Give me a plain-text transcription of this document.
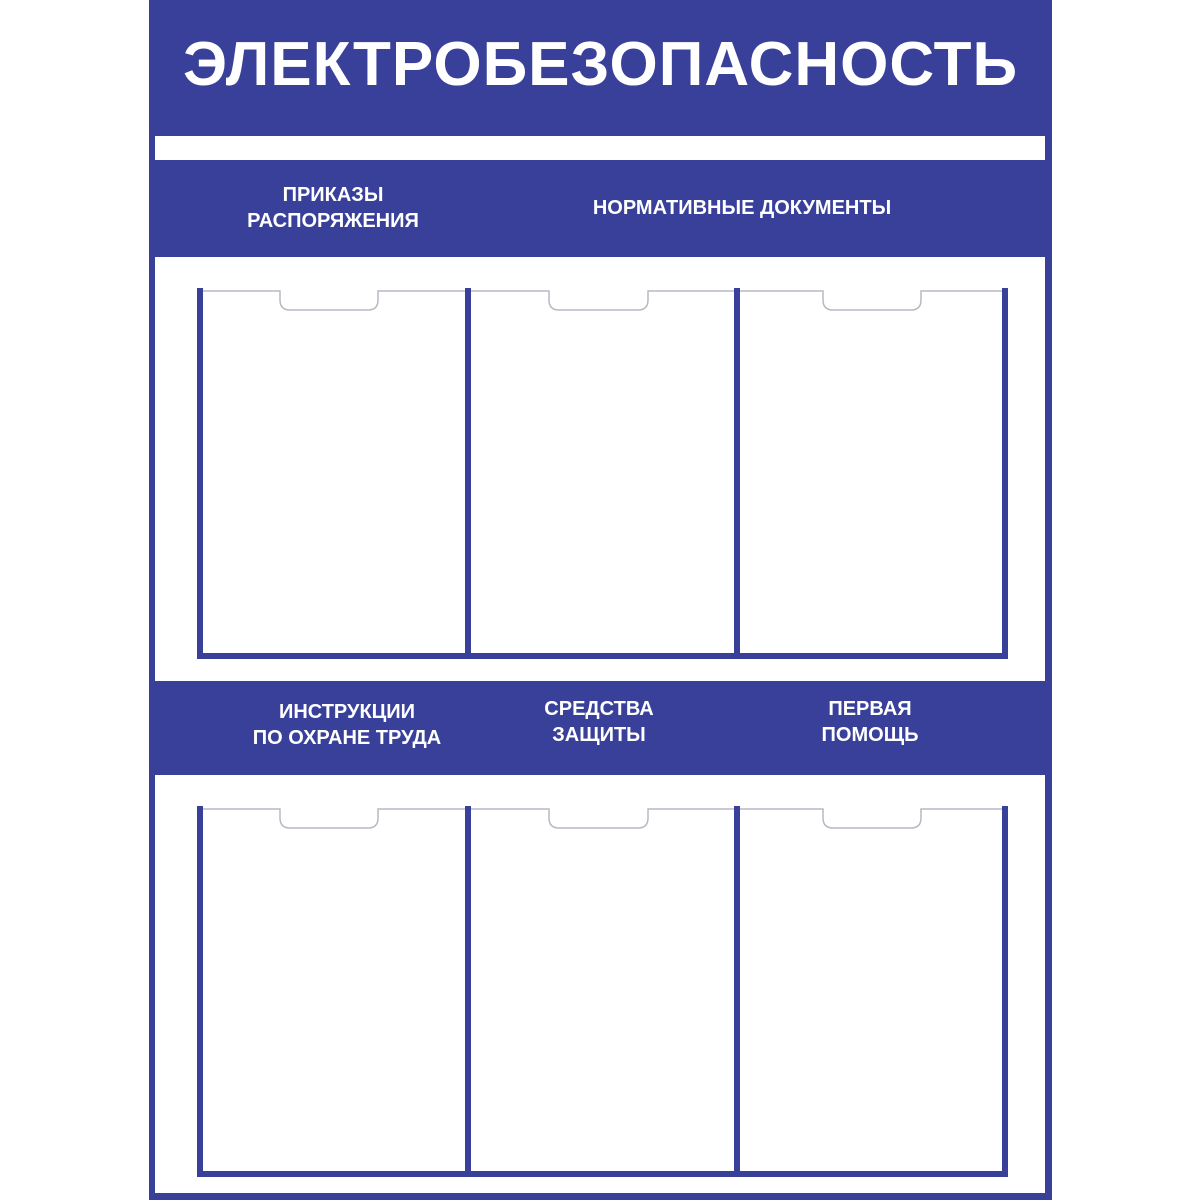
ЭЛЕКТРОБЕЗОПАСНОСТЬ
ПРИКАЗЫ
РАСПОРЯЖЕНИЯ
НОРМАТИВНЫЕ ДОКУМЕНТЫ
ИНСТРУКЦИИ
ПО ОХРАНЕ ТРУДА
СРЕДСТВА
ЗАЩИТЫ
ПЕРВАЯ
ПОМОЩЬ
